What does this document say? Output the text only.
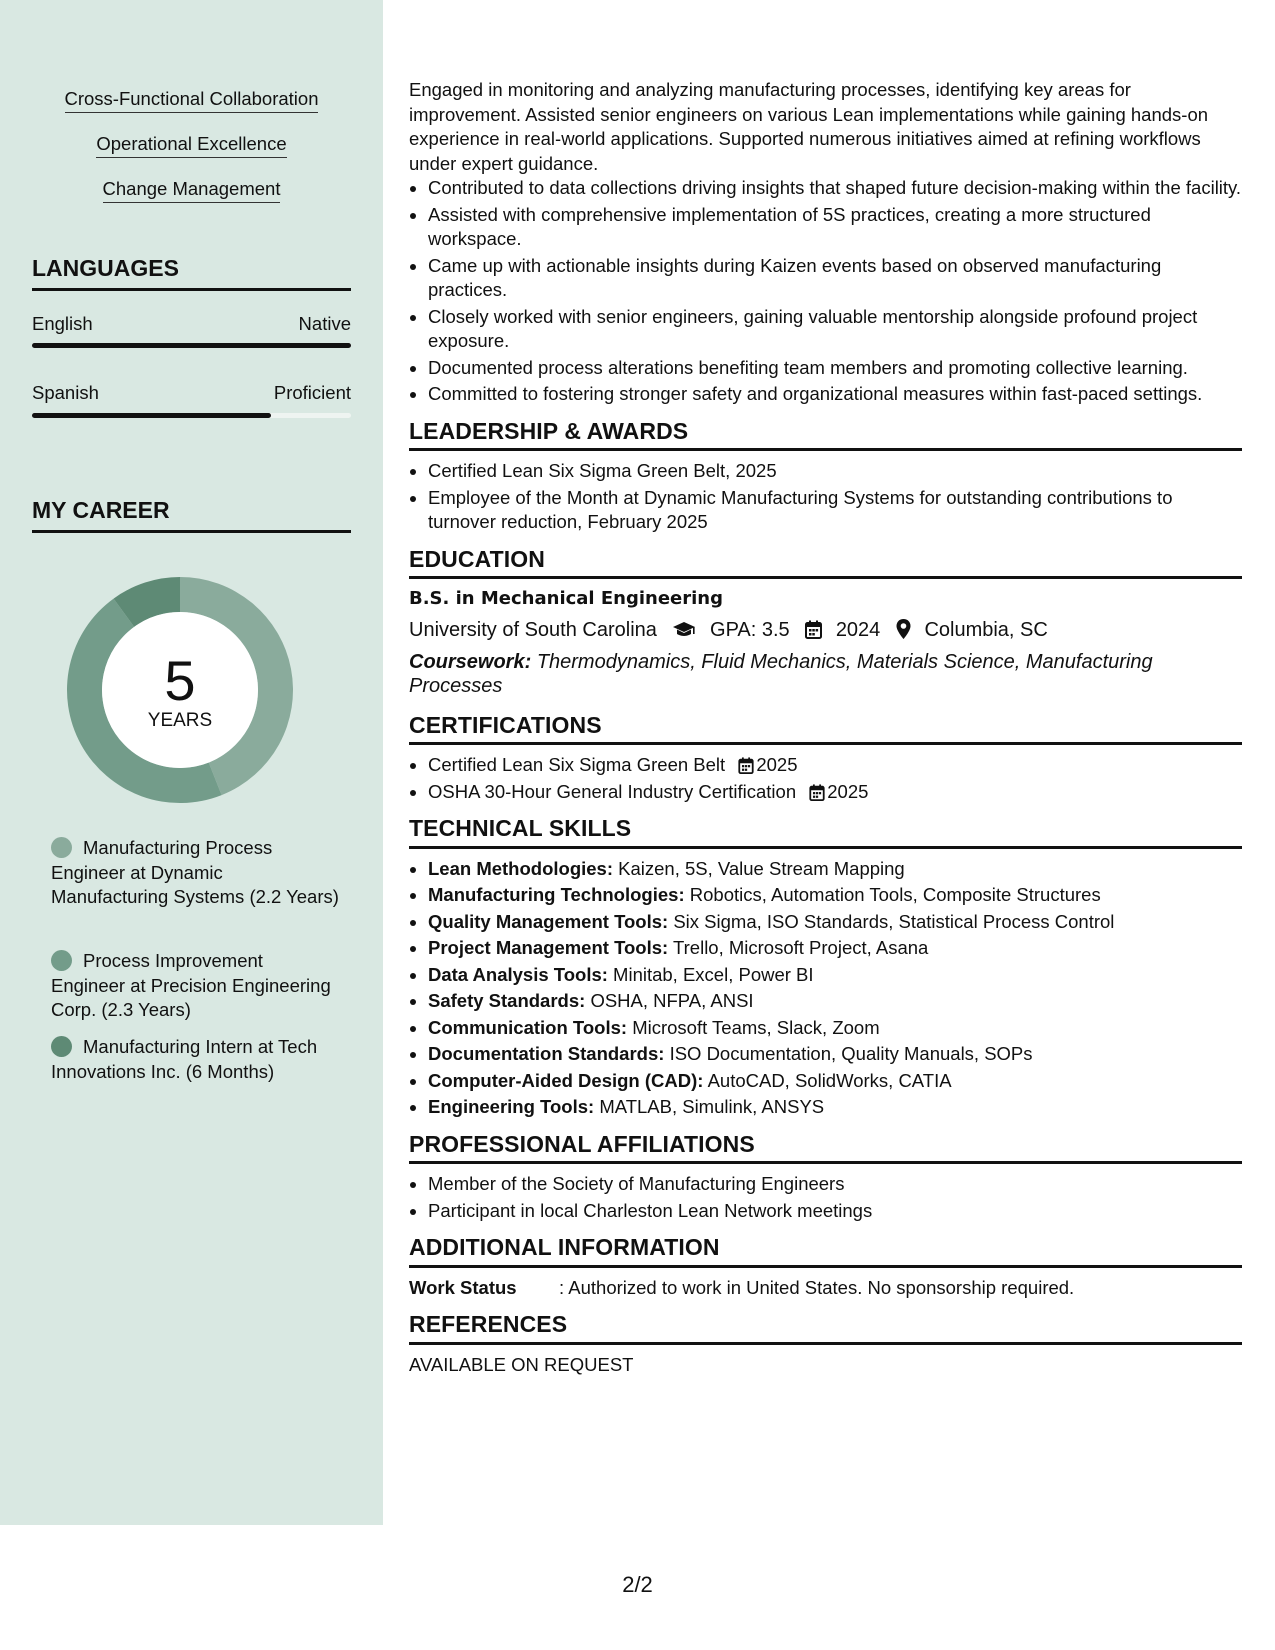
Cross-Functional Collaboration
Operational Excellence
Change Management
LANGUAGES
English	Native
Spanish	Proficient
MY CAREER
5
YEARS
Manufacturing Process Engineer at Dynamic Manufacturing Systems (2.2 Years)
Process Improvement Engineer at Precision Engineering Corp. (2.3 Years)
Manufacturing Intern at Tech Innovations Inc. (6 Months)

Engaged in monitoring and analyzing manufacturing processes, identifying key areas for improvement. Assisted senior engineers on various Lean implementations while gaining hands-on experience in real-world applications. Supported numerous initiatives aimed at refining workflows under expert guidance.

• Contributed to data collections driving insights that shaped future decision-making within the facility.
• Assisted with comprehensive implementation of 5S practices, creating a more structured workspace.
• Came up with actionable insights during Kaizen events based on observed manufacturing practices.
• Closely worked with senior engineers, gaining valuable mentorship alongside profound project exposure.
• Documented process alterations benefiting team members and promoting collective learning.
• Committed to fostering stronger safety and organizational measures within fast-paced settings.
LEADERSHIP & AWARDS
• Certified Lean Six Sigma Green Belt, 2025
• Employee of the Month at Dynamic Manufacturing Systems for outstanding contributions to turnover reduction, February 2025
EDUCATION
B.S. in Mechanical Engineering
University of South Carolina	GPA: 3.5 2024 Columbia, SC
Coursework: Thermodynamics, Fluid Mechanics, Materials Science, Manufacturing Processes
CERTIFICATIONS
• Certified Lean Six Sigma Green Belt 2025
• OSHA 30-Hour General Industry Certification 2025
TECHNICAL SKILLS
• Lean Methodologies: Kaizen, 5S, Value Stream Mapping
• Manufacturing Technologies: Robotics, Automation Tools, Composite Structures
• Quality Management Tools: Six Sigma, ISO Standards, Statistical Process Control
• Project Management Tools: Trello, Microsoft Project, Asana
• Data Analysis Tools: Minitab, Excel, Power BI
• Safety Standards: OSHA, NFPA, ANSI
• Communication Tools: Microsoft Teams, Slack, Zoom
• Documentation Standards: ISO Documentation, Quality Manuals, SOPs
• Computer-Aided Design (CAD): AutoCAD, SolidWorks, CATIA
• Engineering Tools: MATLAB, Simulink, ANSYS
PROFESSIONAL AFFILIATIONS
• Member of the Society of Manufacturing Engineers
• Participant in local Charleston Lean Network meetings
ADDITIONAL INFORMATION
Work Status : Authorized to work in United States. No sponsorship required.
REFERENCES
AVAILABLE ON REQUEST
2/2
